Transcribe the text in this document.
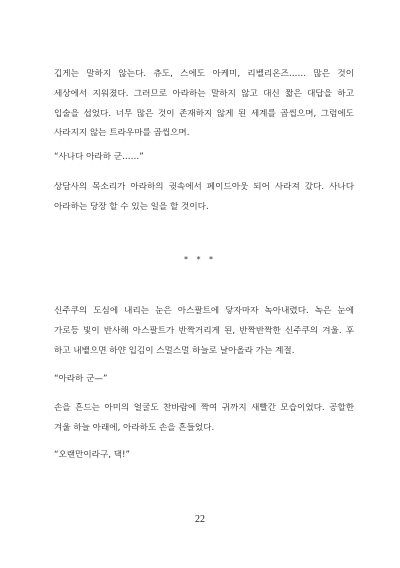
깁게는 말하지 않는다. 츄도, 스에도 아케미, 리벨리온즈…… 많은 것이
세상에서 지워졌다. 그러므로 아라하는 말하지 않고 대신 짧은 대답을 하고
입술을 섭었다. 너무 많은 것이 존재하지 않게 된 세계를 곱씹으며, 그럼에도
사라지지 않는 트라우마를 곱씹으며.
“사나다 아라하 군……”
상담사의 목소리가 아라하의 귓속에서 페이드아웃 되어 사라져 갔다. 사나다
아라하는 당장 할 수 있는 일을 할 것이다.
* * *
신주쿠의 도심에 내리는 눈은 아스팔트에 닿자마자 녹아내렸다. 녹은 눈에
가로등 빛이 반사해 아스팔트가 반짝거리게 된, 반짝반짝한 신주쿠의 겨울. 후
하고 내뱉으면 하얀 입김이 스멀스멀 하늘로 날아올라 가는 계절.
“아라하 군—”
손을 흔드는 아미의 얼굴도 찬바람에 짝여 귀까지 새빨간 모습이었다. 공할한
겨울 하늘 아래에, 아라하도 손을 흔들었다.
“오랜만이라구, 댁!”
22
